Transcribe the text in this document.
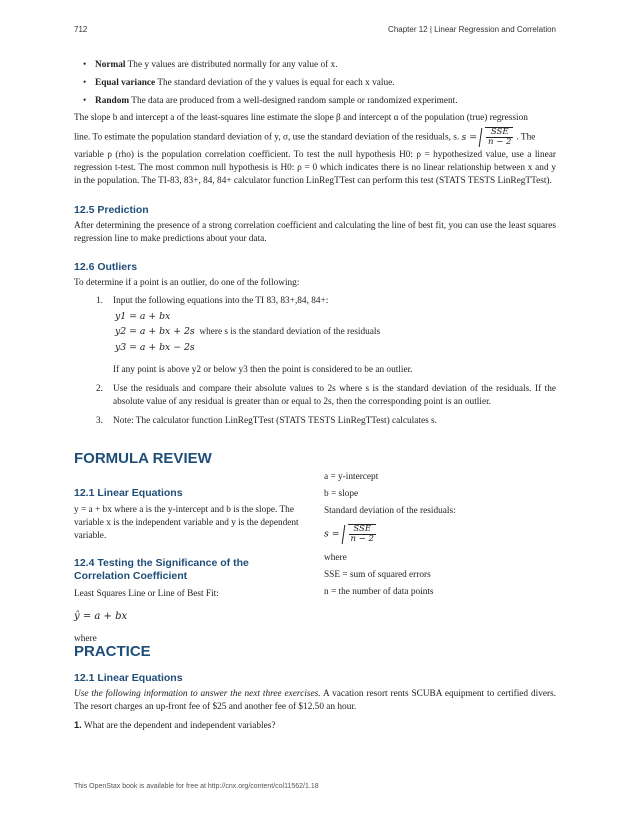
712	Chapter 12 | Linear Regression and Correlation
• Normal The y values are distributed normally for any value of x.
• Equal variance The standard deviation of the y values is equal for each x value.
• Random The data are produced from a well-designed random sample or randomized experiment.

The slope b and intercept a of the least-squares line estimate the slope β and intercept α of the population (true) regression

line. To estimate the population standard deviation of y, σ, use the standard deviation of the residuals, s. $s = \frac{\text{SSE}}{n - 2}$ . The

variable ρ (rho) is the population correlation coefficient. To test the null hypothesis H0: ρ = hypothesized value, use a linear regression t-test. The most common null hypothesis is H0: ρ = 0 which indicates there is no linear relationship between x and y in the population. The TI-83, 83+, 84, 84+ calculator function LinRegTTest can perform this test (STATS TESTS LinRegTTest).

12.5 Prediction

After determining the presence of a strong correlation coefficient and calculating the line of best fit, you can use the least squares regression line to make predictions about your data.

12.6 Outliers

To determine if a point is an outlier, do one of the following:

1. Input the following equations into the TI 83, 83+,84, 84+:
y1 = a + bx
y2 = a + bx + 2s where s is the standard deviation of the residuals
y3 = a + bx − 2s

If any point is above y2 or below y3 then the point is considered to be an outlier.

2. Use the residuals and compare their absolute values to 2s where s is the standard deviation of the residuals. If the absolute value of any residual is greater than or equal to 2s, then the corresponding point is an outlier.
3. Note: The calculator function LinRegTTest (STATS TESTS LinRegTTest) calculates s.
FORMULA REVIEW
12.1 Linear Equations

y = a + bx where a is the y-intercept and b is the slope. The variable x is the independent variable and y is the dependent variable.

12.4 Testing the Significance of the Correlation Coefficient

Least Squares Line or Line of Best Fit:

ŷ = a + bx

where

a = y-intercept

b = slope

Standard deviation of the residuals:

$s = \frac{\text{SSE}}{n - 2}$

where

SSE = sum of squared errors

n = the number of data points

PRACTICE
12.1 Linear Equations

Use the following information to answer the next three exercises. A vacation resort rents SCUBA equipment to certified divers. The resort charges an up-front fee of $25 and another fee of $12.50 an hour.

1. What are the dependent and independent variables?

This OpenStax book is available for free at http://cnx.org/content/col11562/1.18
